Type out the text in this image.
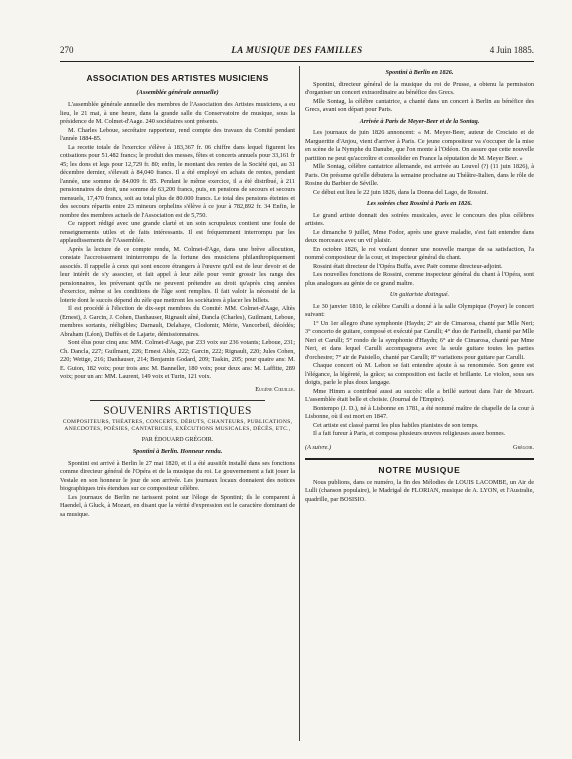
270	LA MUSIQUE DES FAMILLES	4 Juin 1885.
ASSOCIATION DES ARTISTES MUSICIENS
(Assemblée générale annuelle)

L'assemblée générale annuelle des membres de l'Association des Artistes musiciens, a eu lieu, le 21 mai, à une heure, dans la grande salle du Conservatoire de musique, sous la présidence de M. Colmet-d'Aage. 240 sociétaires sont présents.

M. Charles Leboue, secrétaire rapporteur, rend compte des travaux du Comité pendant l'année 1884-85.

La recette totale de l'exercice s'élève à 183,367 fr. 06 chiffre dans lequel figurent les cotisations pour 51.482 francs; le produit des messes, fêtes et concerts annuels pour 33,161 fr 45; les dons et legs pour 12,729 fr. 80; enfin, le montant des rentes de la Société qui, au 31 décembre dernier, s'élevait à 84,040 francs. Il a été employé en achats de rentes, pendant l'année, une somme de 84.009 fr. 85. Pendant le même exercice, il a été distribué, à 211 pensionnaires de droit, une somme de 63,200 francs, puis, en pensions de secours et secours mensuels, 17,470 francs, soit au total plus de 80.000 francs. Le total des pensions éteintes et des secours répartis entre 23 mineurs orphelins s'élève à ce jour à 782,892 fr. 34 Enfin, le nombre des membres actuels de l'Association est de 5,750.

Ce rapport rédigé avec une grande clarté et un soin scrupuleux contient une foule de renseignements utiles et de faits intéressants. Il est fréquemment interrompu par les applaudissements de l'Assemblée.

Après la lecture de ce compte rendu, M. Colmet-d'Age, dans une brève allocution, constate l'accroissement ininterrompu de la fortune des musiciens philanthropiquement associés. Il rappelle à ceux qui sont encore étrangers à l'œuvre qu'il est de leur devoir et de leur intérêt de s'y associer, et fait appel à leur zèle pour venir grossir les rangs des pensionnaires, les prévenant qu'ils ne peuvent prétendre au droit qu'après cinq années d'exercice, même si les conditions de l'âge sont remplies. Il fait valoir la nécessité de la loterie dont le succès dépend du zèle que mettront les sociétaires à placer les billets.

Il est procédé à l'élection de dix-sept membres du Comité: MM. Colmet-d'Aage, Altès (Ernest), J. Garcin, J. Cohen, Danhauser, Rignault aîné, Dancla (Charles), Guilmant, Leboue, membres sortants, rééligibles; Darnault, Delahaye, Clodomir, Mérie, Vancorbeil, décédés; Abraham (Léon), Duffès et de Lajarte, démissionnaires.

Sont élus pour cinq ans: MM. Colmet-d'Aage, par 233 voix sur 236 votants; Leboue, 231; Ch. Dancla, 227; Guilmant, 226; Ernest Altès, 222; Garcin, 222; Rignault, 220; Jules Cohen, 220; Wettge, 216; Danhauser, 214; Benjamin Godard, 209; Taskin, 205; pour quatre ans: M. E. Guion, 182 voix; pour trois ans: M. Banneller, 180 voix; pour deux ans: M. Laffitte, 289 voix; pour un an: MM. Laurent, 149 voix et Turin, 121 voix.

Eugène Cœuille.
SOUVENIRS ARTISTIQUES
COMPOSITEURS, THÉATRES, CONCERTS, DÉBUTS, CHANTEURS, PUBLICATIONS, ANECDOTES, POÉSIES, CANTATRICES, EXÉCUTIONS MUSICALES, DÉCÈS, ETC.,
PAR ÉDOUARD GRÉGOIR.
Spontini à Berlin. Honneur rendu.

Spontini est arrivé à Berlin le 27 mai 1820, et il a été aussitôt installé dans ses fonctions comme directeur général de l'Opéra et de la musique du roi. Le gouvernement a fait jouer la Vestale en son honneur le jour de son arrivée. Les journaux locaux donnaient des notices biographiques très étendues sur ce compositeur célèbre.

Les journaux de Berlin ne tarissent point sur l'éloge de Spontini; ils le comparent à Haendel, à Gluck, à Mozart, en disant que la vérité d'expression est le caractère dominant de sa musique.

Spontini à Berlin en 1826.

Spontini, directeur général de la musique du roi de Prusse, a obtenu la permission d'organiser un concert extraordinaire au bénéfice des Grecs.

Mlle Sontag, la célèbre cantatrice, a chanté dans un concert à Berlin au bénéfice des Grecs, avant son départ pour Paris.

Arrivée à Paris de Meyer-Beer et de la Sontag.

Les journaux de juin 1826 annoncent: « M. Meyer-Beer, auteur de Crociato et de Margueritte d'Anjou, vient d'arriver à Paris. Ce jeune compositeur va s'occuper de la mise en scène de la Nymphe du Danube, que l'on monte à l'Odéon. On assure que cette nouvelle partition ne peut qu'accroître et consolider en France la réputation de M. Meyer Beer. »

Mlle Sontag, célèbre cantatrice allemande, est arrivée au Louvel (?) (11 juin 1826), à Paris. On présume qu'elle débutera la semaine prochaine au Théâtre-Italien, dans le rôle de Rosine du Barbier de Séville.

Ce début eut lieu le 22 juin 1826, dans la Donna del Lago, de Rossini.

Les soirées chez Rossini à Paris en 1826.

Le grand artiste donnait des soirées musicales, avec le concours des plus célèbres artistes.

Le dimanche 9 juillet, Mme Fodor, après une grave maladie, s'est fait entendre dans deux morceaux avec un vif plaisir.

En octobre 1826, le roi voulant donner une nouvelle marque de sa satisfaction, l'a nommé compositeur de la cour, et inspecteur général du chant.

Rossini était directeur de l'Opéra Buffa, avec Paër comme directeur-adjoint.

Les nouvelles fonctions de Rossini, comme inspecteur général du chant à l'Opéra, sont plus analogues au génie de ce grand maître.

Un guitariste distingué.

Le 30 janvier 1810, le célèbre Carulli a donné à la salle Olympique (Foyer) le concert suivant:

1° Un 1er allegro d'une symphonie (Haydn; 2° air de Cimarosa, chanté par Mlle Neri; 3° concerto de guitare, composé et exécuté par Carulli; 4° duo de Farinelli, chanté par Mlle Neri et Carulli; 5° rondo de la symphonie d'Haydn; 6° air de Cimarosa, chanté par Mme Neri, et dans lequel Carulli accompagnera avec la seule guitare toutes les parties d'orchestre; 7° air de Paisiello, chanté par Carulli; 8° variations pour guitare par Carulli.

Chaque concert où M. Lebon se fait entendre ajoute à sa renommée. Son genre est l'élégance, la légèreté, la grâce; sa composition est facile et brillante. Le violon, sous ses doigts, parle le plus doux langage.

Mme Himm a contribué aussi au succès: elle a brillé surtout dans l'air de Mozart. L'assemblée était belle et choisie. (Journal de l'Empire).

Bontempo (J. D.), né à Lisbonne en 1781, a été nommé maître de chapelle de la cour à Lisbonne, où il est mort en 1847.

Cet artiste est classé parmi les plus habiles pianistes de son temps.

Il a fait fureur à Paris, et composa plusieurs œuvres religieuses assez bonnes.

(A suivre.)	Grégoir.
NOTRE MUSIQUE

Nous publions, dans ce numéro, la fin des Mélodies de LOUIS LACOMBE, un Air de Lulli (chanson populaire), le Madrigal de FLORIAN, musique de A. LYON, et l'Australie, quadrille, par BOSISIO.
